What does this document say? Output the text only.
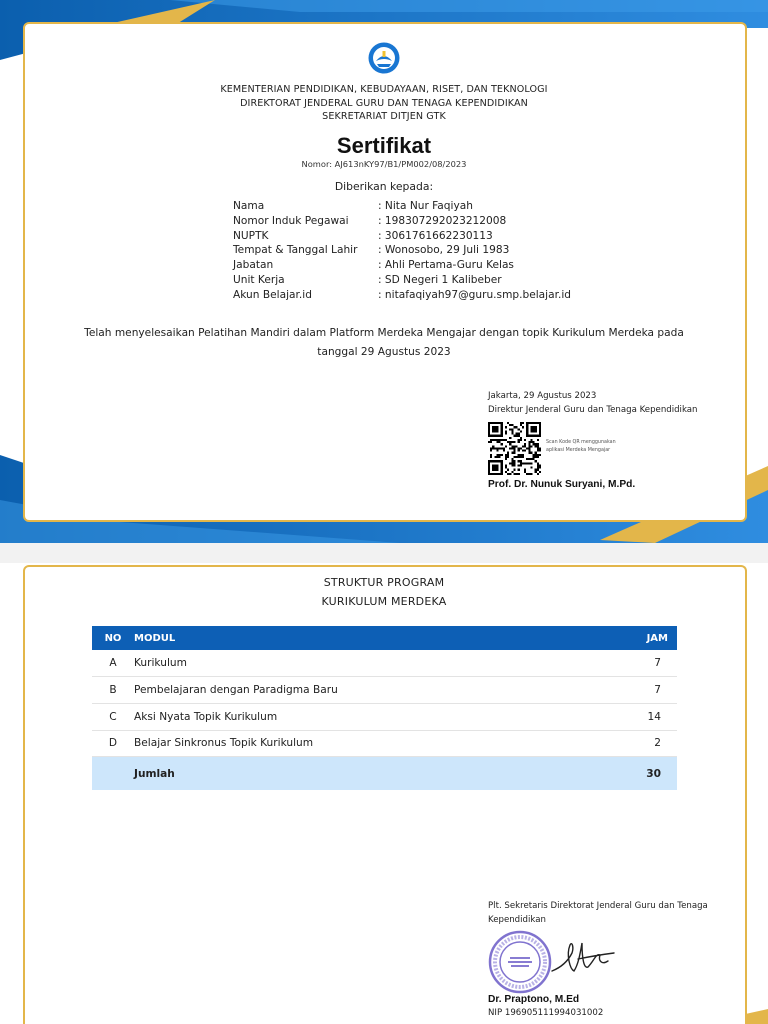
KEMENTERIAN PENDIDIKAN, KEBUDAYAAN, RISET, DAN TEKNOLOGI
DIREKTORAT JENDERAL GURU DAN TENAGA KEPENDIDIKAN
SEKRETARIAT DITJEN GTK
Sertifikat
Nomor: AJ613nKY97/B1/PM002/08/2023
Diberikan kepada:
Nama	: Nita Nur Faqiyah
Nomor Induk Pegawai	: 198307292023212008
NUPTK	: 3061761662230113
Tempat & Tanggal Lahir : Wonosobo, 29 Juli 1983
Jabatan	: Ahli Pertama-Guru Kelas
Unit Kerja	: SD Negeri 1 Kalibeber
Akun Belajar.id	: nitafaqiyah97@guru.smp.belajar.id
Telah menyelesaikan Pelatihan Mandiri dalam Platform Merdeka Mengajar dengan topik Kurikulum Merdeka pada
tanggal 29 Agustus 2023
Jakarta, 29 Agustus 2023
Direktur Jenderal Guru dan Tenaga Kependidikan
Scan Kode QR menggunakan
aplikasi Merdeka Mengajar
Prof. Dr. Nunuk Suryani, M.Pd.
STRUKTUR PROGRAM
KURIKULUM MERDEKA
NO	MODUL	JAM
A	Kurikulum	7
B	Pembelajaran dengan Paradigma Baru	7
C	Aksi Nyata Topik Kurikulum	14
D	Belajar Sinkronus Topik Kurikulum	2
	Jumlah	30
Plt. Sekretaris Direktorat Jenderal Guru dan Tenaga
Kependidikan
Dr. Praptono, M.Ed
NIP 196905111994031002
